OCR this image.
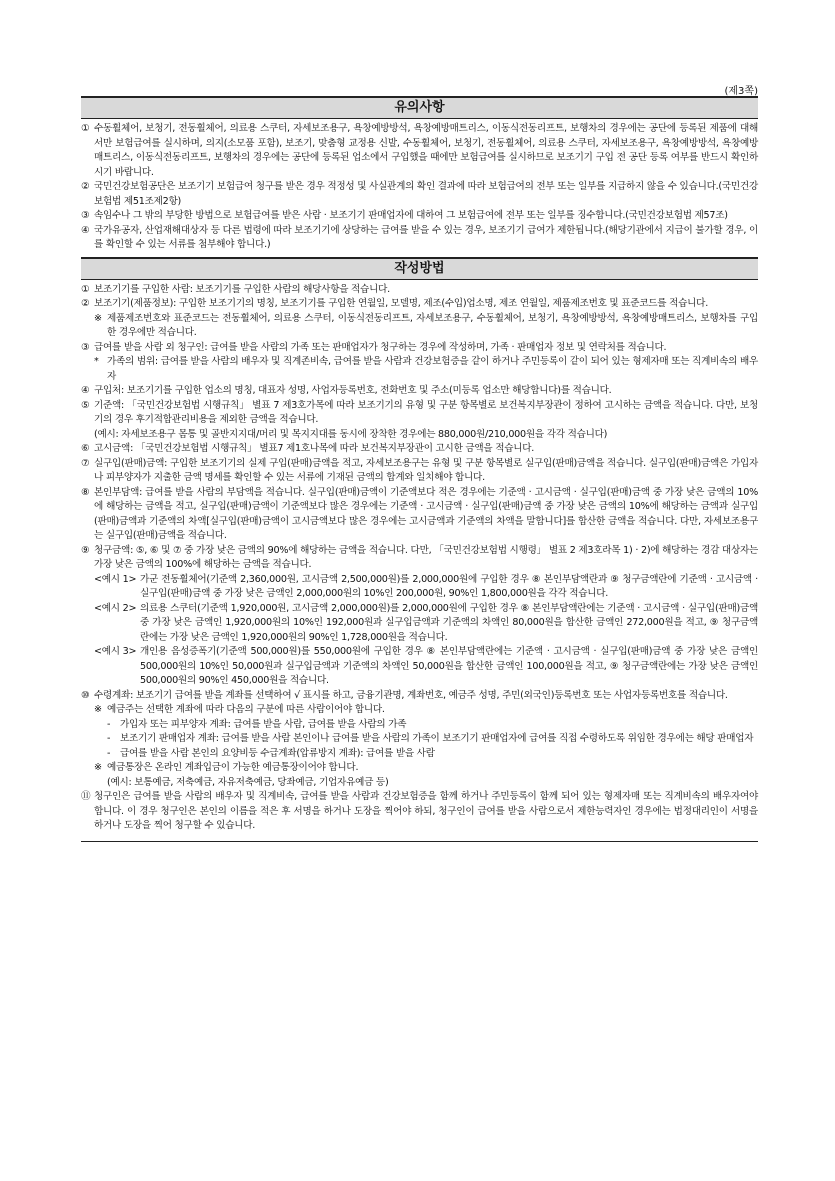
(제3쪽)
유의사항
① 수동휠체어, 보청기, 전동휠체어, 의료용 스쿠터, 자세보조용구, 욕창예방방석, 욕창예방매트리스, 이동식전동리프트, 보행차의 경우에는 공단에 등록된 제품에 대해서만 보험급여를 실시하며, 의지(소모품 포함), 보조기, 맞춤형 교정용 신발, 수동휠체어, 보청기, 전동휠체어, 의료용 스쿠터, 자세보조용구, 욕창예방방석, 욕창예방매트리스, 이동식전동리프트, 보행차의 경우에는 공단에 등록된 업소에서 구입했을 때에만 보험급여를 실시하므로 보조기기 구입 전 공단 등록 여부를 반드시 확인하시기 바랍니다.
② 국민건강보험공단은 보조기기 보험급여 청구를 받은 경우 적정성 및 사실관계의 확인 결과에 따라 보험급여의 전부 또는 일부를 지급하지 않을 수 있습니다.(국민건강보험법 제51조제2항)
③ 속임수나 그 밖의 부당한 방법으로 보험급여를 받은 사람 · 보조기기 판매업자에 대하여 그 보험급여에 전부 또는 일부를 징수합니다.(국민건강보험법 제57조)
④ 국가유공자, 산업재해대상자 등 다른 법령에 따라 보조기기에 상당하는 급여를 받을 수 있는 경우, 보조기기 급여가 제한됩니다.(해당기관에서 지급이 불가할 경우, 이를 확인할 수 있는 서류를 첨부해야 합니다.)
작성방법
① 보조기기를 구입한 사람: 보조기기를 구입한 사람의 해당사항을 적습니다.
② 보조기기(제품정보): 구입한 보조기기의 명칭, 보조기기를 구입한 연월일, 모델명, 제조(수입)업소명, 제조 연월일, 제품제조번호 및 표준코드를 적습니다.
※ 제품제조번호와 표준코드는 전동휠체어, 의료용 스쿠터, 이동식전동리프트, 자세보조용구, 수동휠체어, 보청기, 욕창예방방석, 욕창예방매트리스, 보행차를 구입한 경우에만 적습니다.
③ 급여를 받을 사람 외 청구인: 급여를 받을 사람의 가족 또는 판매업자가 청구하는 경우에 작성하며, 가족 · 판매업자 정보 및 연락처를 적습니다.
* 가족의 범위: 급여를 받을 사람의 배우자 및 직계존비속, 급여를 받을 사람과 건강보험증을 같이 하거나 주민등록이 같이 되어 있는 형제자매 또는 직계비속의 배우자
④ 구입처: 보조기기를 구입한 업소의 명칭, 대표자 성명, 사업자등록번호, 전화번호 및 주소(미등록 업소만 해당합니다)를 적습니다.
⑤ 기준액: 「국민건강보험법 시행규칙」 별표 7 제3호가목에 따라 보조기기의 유형 및 구분 항목별로 보건복지부장관이 정하여 고시하는 금액을 적습니다. 다만, 보청기의 경우 후기적합관리비용을 제외한 금액을 적습니다.
(예시: 자세보조용구 몸통 및 골반지지대/머리 및 목지지대를 동시에 장착한 경우에는 880,000원/210,000원을 각각 적습니다)
⑥ 고시금액: 「국민건강보험법 시행규칙」 별표7 제1호나목에 따라 보건복지부장관이 고시한 금액을 적습니다.
⑦ 실구입(판매)금액: 구입한 보조기기의 실제 구입(판매)금액을 적고, 자세보조용구는 유형 및 구분 항목별로 실구입(판매)금액을 적습니다. 실구입(판매)금액은 가입자나 피부양자가 지출한 금액 명세를 확인할 수 있는 서류에 기재된 금액의 합계와 일치해야 합니다.
⑧ 본인부담액: 급여를 받을 사람의 부담액을 적습니다. 실구입(판매)금액이 기준액보다 적은 경우에는 기준액 · 고시금액 · 실구입(판매)금액 중 가장 낮은 금액의 10%에 해당하는 금액을 적고, 실구입(판매)금액이 기준액보다 많은 경우에는 기준액 · 고시금액 · 실구입(판매)금액 중 가장 낮은 금액의 10%에 해당하는 금액과 실구입(판매)금액과 기준액의 차액[실구입(판매)금액이 고시금액보다 많은 경우에는 고시금액과 기준액의 차액을 말합니다]를 합산한 금액을 적습니다. 다만, 자세보조용구는 실구입(판매)금액을 적습니다.
⑨ 청구금액: ⑤, ⑥ 및 ⑦ 중 가장 낮은 금액의 90%에 해당하는 금액을 적습니다. 다만, 「국민건강보험법 시행령」 별표 2 제3호라목 1) · 2)에 해당하는 경감 대상자는 가장 낮은 금액의 100%에 해당하는 금액을 적습니다.
<예시 1> 가군 전동휠체어(기준액 2,360,000원, 고시금액 2,500,000원)를 2,000,000원에 구입한 경우 ⑧ 본인부담액란과 ⑨ 청구금액란에 기준액 · 고시금액 · 실구입(판매)금액 중 가장 낮은 금액인 2,000,000원의 10%인 200,000원, 90%인 1,800,000원을 각각 적습니다.
<예시 2> 의료용 스쿠터(기준액 1,920,000원, 고시금액 2,000,000원)를 2,000,000원에 구입한 경우 ⑧ 본인부담액란에는 기준액 · 고시금액 · 실구입(판매)금액 중 가장 낮은 금액인 1,920,000원의 10%인 192,000원과 실구입금액과 기준액의 차액인 80,000원을 합산한 금액인 272,000원을 적고, ⑨ 청구금액란에는 가장 낮은 금액인 1,920,000원의 90%인 1,728,000원을 적습니다.
<예시 3> 개인용 음성증폭기(기준액 500,000원)를 550,000원에 구입한 경우 ⑧ 본인부담액란에는 기준액 · 고시금액 · 실구입(판매)금액 중 가장 낮은 금액인 500,000원의 10%인 50,000원과 실구입금액과 기준액의 차액인 50,000원을 합산한 금액인 100,000원을 적고, ⑨ 청구금액란에는 가장 낮은 금액인 500,000원의 90%인 450,000원을 적습니다.
⑩ 수령계좌: 보조기기 급여를 받을 계좌를 선택하여 √ 표시를 하고, 금융기관명, 계좌번호, 예금주 성명, 주민(외국인)등록번호 또는 사업자등록번호를 적습니다.
※ 예금주는 선택한 계좌에 따라 다음의 구분에 따른 사람이어야 합니다.
-	가입자 또는 피부양자 계좌: 급여를 받을 사람, 급여를 받을 사람의 가족
-	보조기기 판매업자 계좌: 급여를 받을 사람 본인이나 급여를 받을 사람의 가족이 보조기기 판매업자에 급여를 직접 수령하도록 위임한 경우에는 해당 판매업자
-	급여를 받을 사람 본인의 요양비등 수급계좌(압류방지 계좌): 급여를 받을 사람
※ 예금통장은 온라인 계좌입금이 가능한 예금통장이어야 합니다.
(예시: 보통예금, 저축예금, 자유저축예금, 당좌예금, 기업자유예금 등)
⑪ 청구인은 급여를 받을 사람의 배우자 및 직계비속, 급여를 받을 사람과 건강보험증을 함께 하거나 주민등록이 함께 되어 있는 형제자매 또는 직계비속의 배우자여야 합니다. 이 경우 청구인은 본인의 이름을 적은 후 서명을 하거나 도장을 찍어야 하되, 청구인이 급여를 받을 사람으로서 제한능력자인 경우에는 법정대리인이 서명을 하거나 도장을 찍어 청구할 수 있습니다.
